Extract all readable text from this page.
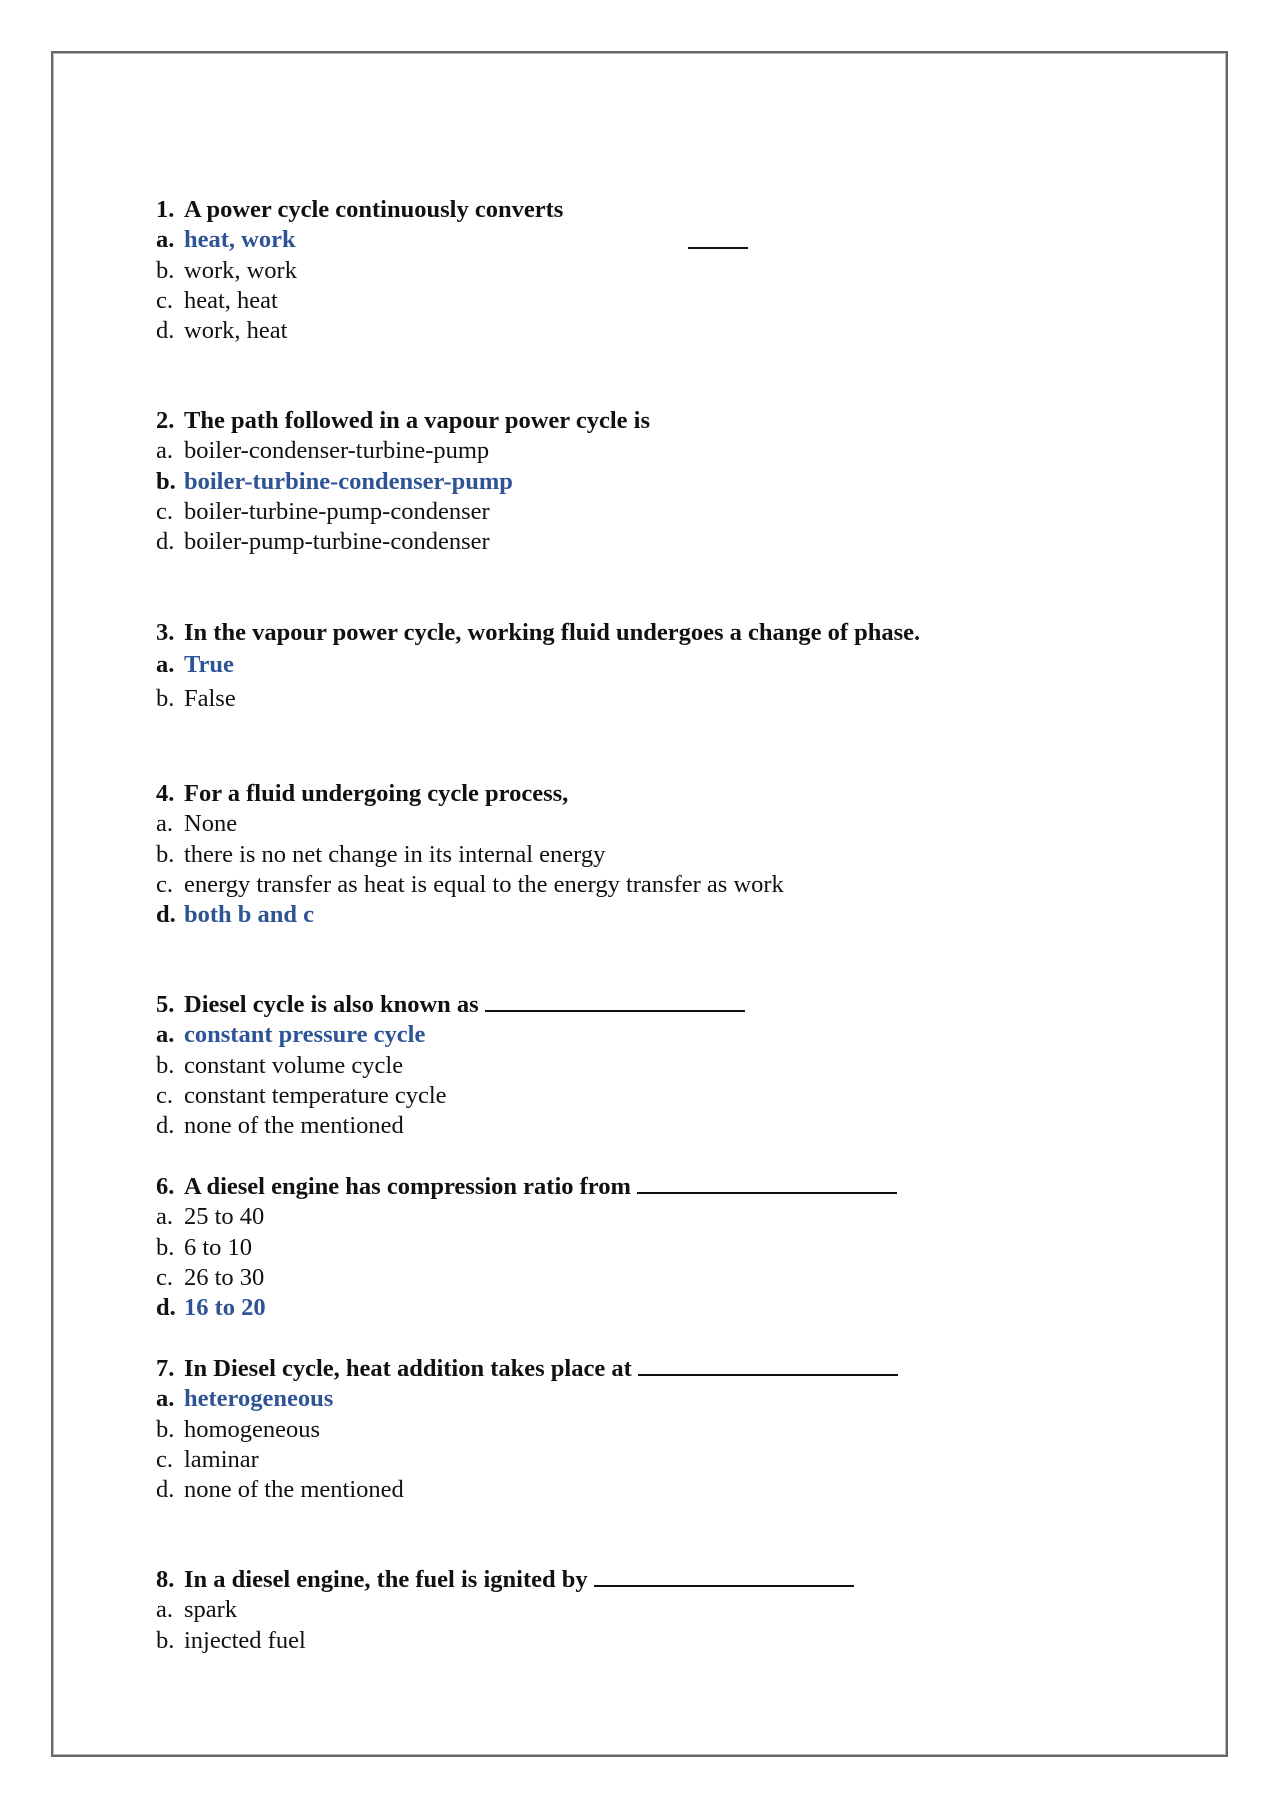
1. A power cycle continuously converts
a. heat, work
b. work, work
c. heat, heat
d. work, heat
2. The path followed in a vapour power cycle is
a. boiler-condenser-turbine-pump
b. boiler-turbine-condenser-pump
c. boiler-turbine-pump-condenser
d. boiler-pump-turbine-condenser
3. In the vapour power cycle, working fluid undergoes a change of phase.
a. True
b. False
4. For a fluid undergoing cycle process,
a. None
b. there is no net change in its internal energy
c. energy transfer as heat is equal to the energy transfer as work
d. both b and c
5. Diesel cycle is also known as
a. constant pressure cycle
b. constant volume cycle
c. constant temperature cycle
d. none of the mentioned
6. A diesel engine has compression ratio from
a. 25 to 40
b. 6 to 10
c. 26 to 30
d. 16 to 20
7. In Diesel cycle, heat addition takes place at
a. heterogeneous
b. homogeneous
c. laminar
d. none of the mentioned
8. In a diesel engine, the fuel is ignited by
a. spark
b. injected fuel
